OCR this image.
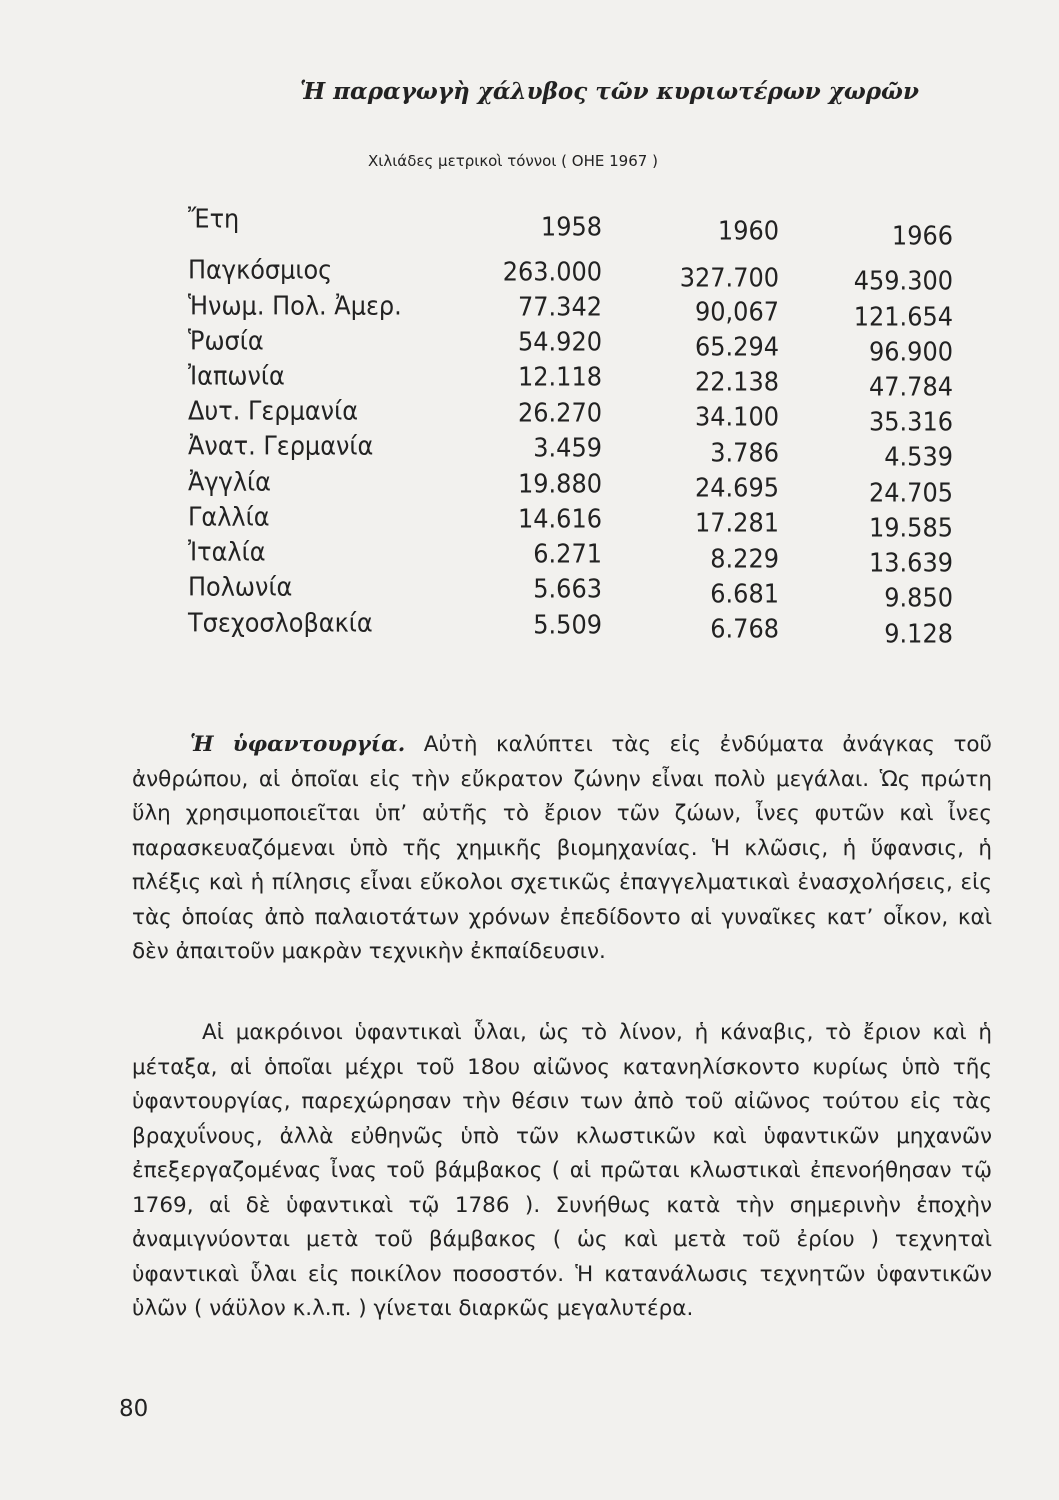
Ἡ παραγωγὴ χάλυβος τῶν κυριωτέρων χωρῶν
Χιλιάδες μετρικοὶ τόννοι ( ΟΗΕ 1967 )
Ἔτη	1958	1960	1966
Παγκόσμιος	263.000	327.700	459.300
Ἡνωμ. Πολ. Ἀμερ.	77.342	90,067	121.654
Ῥωσία	54.920	65.294	96.900
Ἰαπωνία	12.118	22.138	47.784
Δυτ. Γερμανία	26.270	34.100	35.316
Ἀνατ. Γερμανία	3.459	3.786	4.539
Ἀγγλία	19.880	24.695	24.705
Γαλλία	14.616	17.281	19.585
Ἰταλία	6.271	8.229	13.639
Πολωνία	5.663	6.681	9.850
Τσεχοσλοβακία	5.509	6.768	9.128

Ἡ ὑφαντουργία. Αὐτὴ καλύπτει τὰς εἰς ἐνδύματα ἀνάγκας τοῦ ἀνθρώπου, αἱ ὁποῖαι εἰς τὴν εὔκρατον ζώνην εἶναι πολὺ μεγάλαι. Ὡς πρώτη ὕλη χρησιμοποιεῖται ὑπ’ αὐτῆς τὸ ἔριον τῶν ζώων, ἶνες φυτῶν καὶ ἶνες παρασκευαζόμεναι ὑπὸ τῆς χημικῆς βιομηχανίας. Ἡ κλῶσις, ἡ ὕφανσις, ἡ πλέξις καὶ ἡ πίλησις εἶναι εὔκολοι σχετικῶς ἐπαγγελματικαὶ ἐνασχολήσεις, εἰς τὰς ὁποίας ἀπὸ παλαιοτάτων χρόνων ἐπεδίδοντο αἱ γυναῖκες κατ’ οἶκον, καὶ δὲν ἀπαιτοῦν μακρὰν τεχνικὴν ἐκπαίδευσιν.

Αἱ μακρόινοι ὑφαντικαὶ ὗλαι, ὡς τὸ λίνον, ἡ κάναβις, τὸ ἔριον καὶ ἡ μέταξα, αἱ ὁποῖαι μέχρι τοῦ 18ου αἰῶνος κατανηλίσκοντο κυρίως ὑπὸ τῆς ὑφαντουργίας, παρεχώρησαν τὴν θέσιν των ἀπὸ τοῦ αἰῶνος τούτου εἰς τὰς βραχυΐνους, ἀλλὰ εὐθηνῶς ὑπὸ τῶν κλωστικῶν καὶ ὑφαντικῶν μηχανῶν ἐπεξεργαζομένας ἶνας τοῦ βάμβακος ( αἱ πρῶται κλωστικαὶ ἐπενοήθησαν τῷ 1769, αἱ δὲ ὑφαντικαὶ τῷ 1786 ). Συνήθως κατὰ τὴν σημερινὴν ἐποχὴν ἀναμιγνύονται μετὰ τοῦ βάμβακος ( ὡς καὶ μετὰ τοῦ ἐρίου ) τεχνηταὶ ὑφαντικαὶ ὗλαι εἰς ποικίλον ποσοστόν. Ἡ κατανάλωσις τεχνητῶν ὑφαντικῶν ὑλῶν ( νάϋλον κ.λ.π. ) γίνεται διαρκῶς μεγαλυτέρα.

80
